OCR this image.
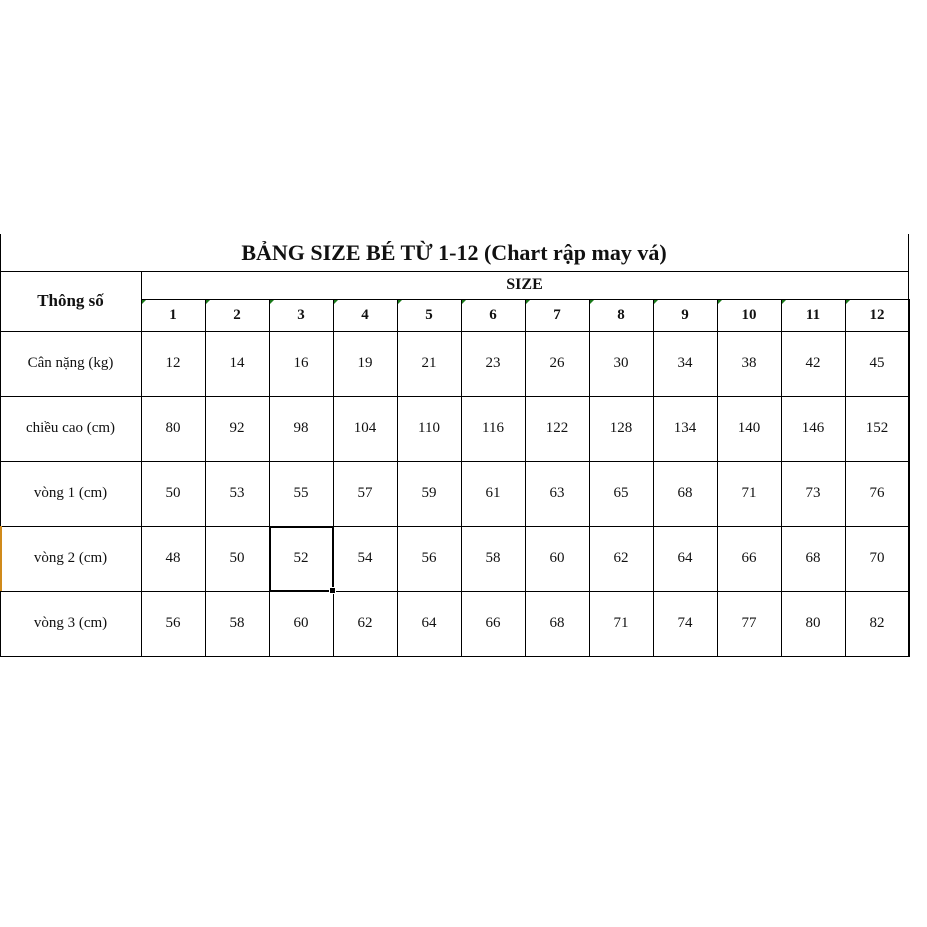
BẢNG SIZE BÉ TỪ 1-12 (Chart rập may vá)
Thông số
SIZE
1	2	3	4	5	6	7	8	9	10	11	12
Cân nặng (kg)	12	14	16	19	21	23	26	30	34	38	42	45
chiều cao (cm)	80	92	98	104	110	116	122	128	134	140	146	152
vòng 1 (cm)	50	53	55	57	59	61	63	65	68	71	73	76
vòng 2 (cm)	48	50	52	54	56	58	60	62	64	66	68	70
vòng 3 (cm)	56	58	60	62	64	66	68	71	74	77	80	82
